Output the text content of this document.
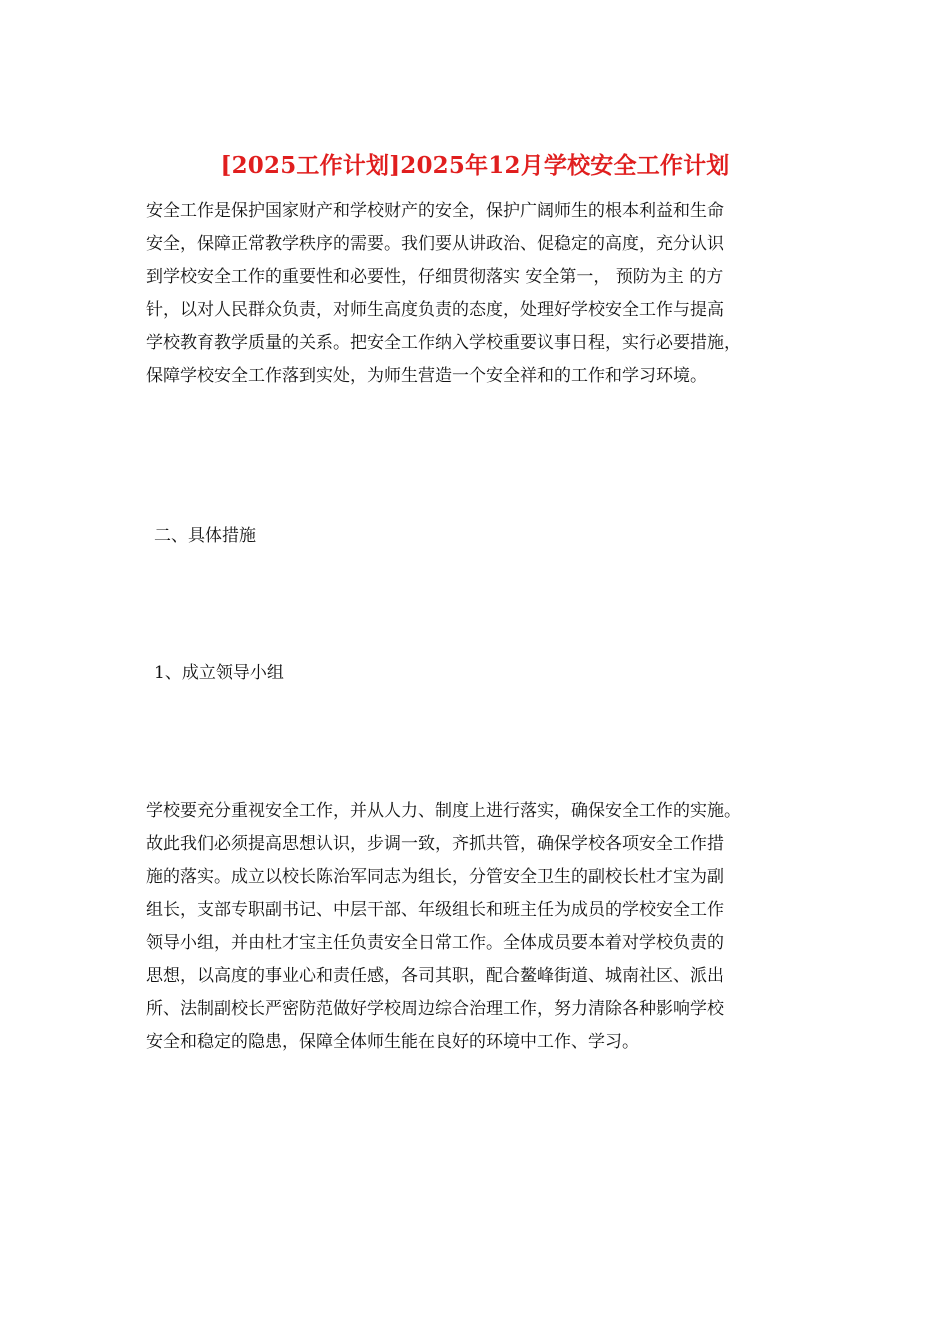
[2025工作计划]2025年12月学校安全工作计划
安全工作是保护国家财产和学校财产的安全，保护广阔师生的根本利益和生命
安全，保障正常教学秩序的需要。我们要从讲政治、促稳定的高度，充分认识
到学校安全工作的重要性和必要性，仔细贯彻落实 安全第一， 预防为主 的方
针，以对人民群众负责，对师生高度负责的态度，处理好学校安全工作与提高
学校教育教学质量的关系。把安全工作纳入学校重要议事日程，实行必要措施，
保障学校安全工作落到实处，为师生营造一个安全祥和的工作和学习环境。
二、具体措施
1、成立领导小组
学校要充分重视安全工作，并从人力、制度上进行落实，确保安全工作的实施。
故此我们必须提高思想认识，步调一致，齐抓共管，确保学校各项安全工作措
施的落实。成立以校长陈治军同志为组长，分管安全卫生的副校长杜才宝为副
组长，支部专职副书记、中层干部、年级组长和班主任为成员的学校安全工作
领导小组，并由杜才宝主任负责安全日常工作。全体成员要本着对学校负责的
思想，以高度的事业心和责任感，各司其职，配合鳌峰街道、城南社区、派出
所、法制副校长严密防范做好学校周边综合治理工作，努力清除各种影响学校
安全和稳定的隐患，保障全体师生能在良好的环境中工作、学习。
